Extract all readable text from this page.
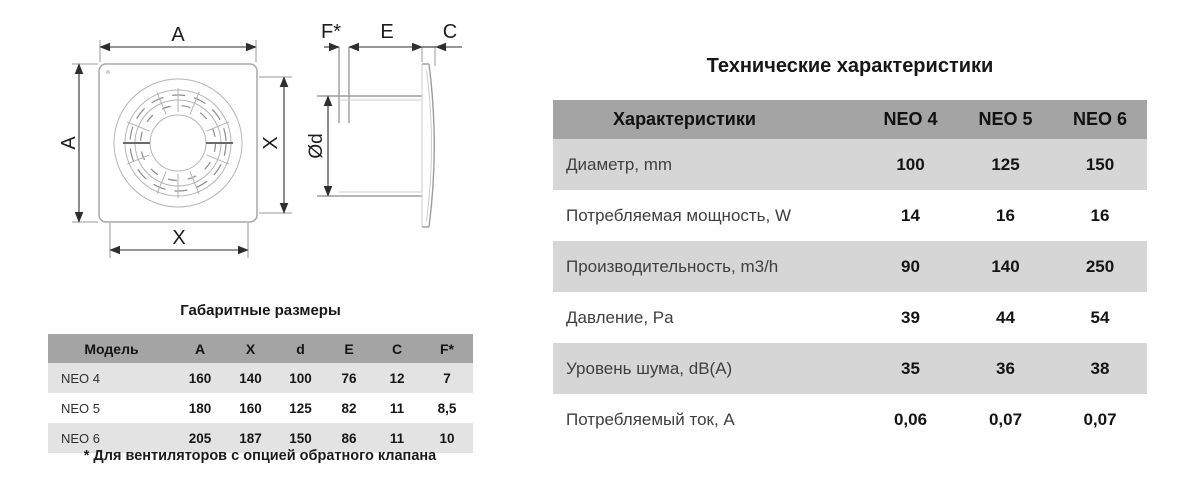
A
A	X
X
F* E C
Ød
Габаритные размеры
Модель	A	X	d	E	C	F*
NEO 4	160	140	100	76	12	7
NEO 5	180	160	125	82	11	8,5
NEO 6	205	187	150	86	11	10
* Для вентиляторов с опцией обратного клапана
Технические характеристики
Характеристики	NEO 4	NEO 5	NEO 6
Диаметр, mm	100	125	150
Потребляемая мощность, W	14	16	16
Производительность, m3/h	90	140	250
Давление, Pa	39	44	54
Уровень шума, dB(A)	35	36	38
Потребляемый ток, A	0,06	0,07	0,07
